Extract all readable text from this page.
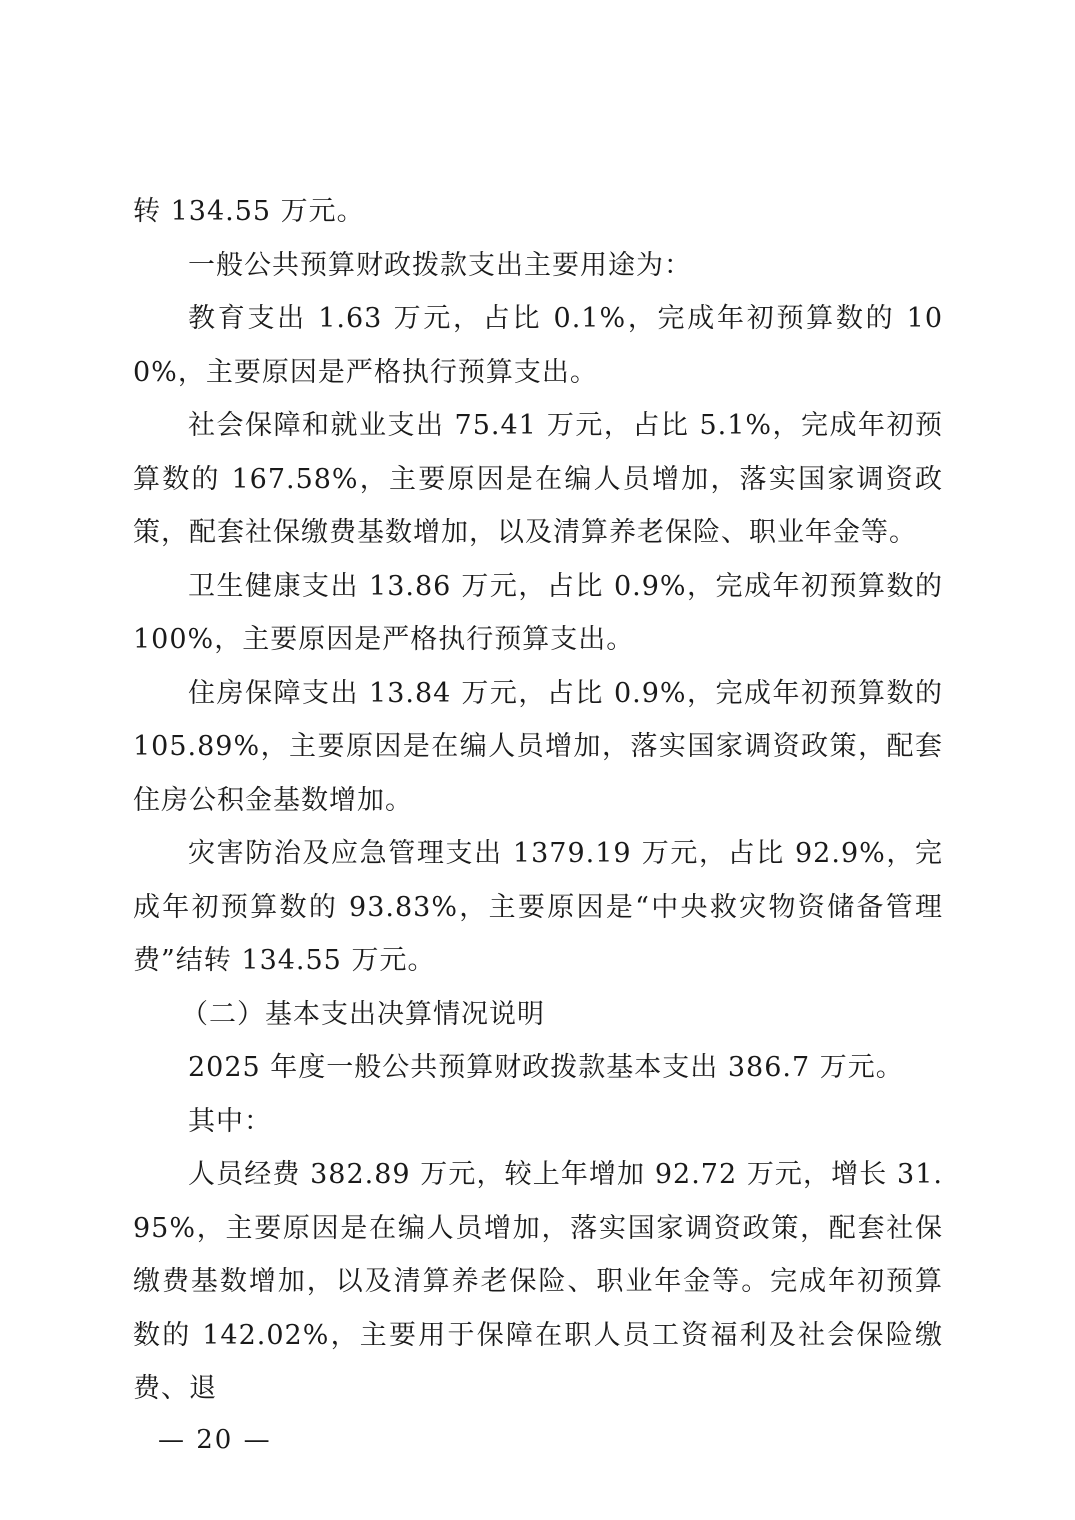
转 134.55 万元。

一般公共预算财政拨款支出主要用途为：

教育支出 1.63 万元，占比 0.1%，完成年初预算数的 100%，主要原因是严格执行预算支出。

社会保障和就业支出 75.41 万元，占比 5.1%，完成年初预算数的 167.58%，主要原因是在编人员增加，落实国家调资政策，配套社保缴费基数增加，以及清算养老保险、职业年金等。

卫生健康支出 13.86 万元，占比 0.9%，完成年初预算数的 100%，主要原因是严格执行预算支出。

住房保障支出 13.84 万元，占比 0.9%，完成年初预算数的 105.89%，主要原因是在编人员增加，落实国家调资政策，配套住房公积金基数增加。

灾害防治及应急管理支出 1379.19 万元，占比 92.9%，完成年初预算数的 93.83%，主要原因是“中央救灾物资储备管理费”结转 134.55 万元。

（二）基本支出决算情况说明

2025 年度一般公共预算财政拨款基本支出 386.7 万元。

其中：

人员经费 382.89 万元，较上年增加 92.72 万元，增长 31.95%，主要原因是在编人员增加，落实国家调资政策，配套社保缴费基数增加，以及清算养老保险、职业年金等。完成年初预算数的 142.02%，主要用于保障在职人员工资福利及社会保险缴费、退

— 20 —
